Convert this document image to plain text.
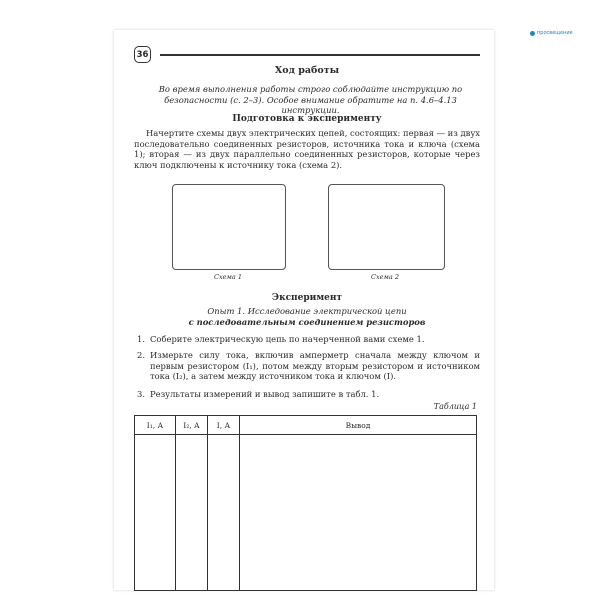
просвещение
36
Ход работы
Во время выполнения работы строго соблюдайте инструкцию по безопасности (с. 2–3). Особое внимание обратите на п. 4.6–4.13 инструкции.
Подготовка к эксперименту
Начертите схемы двух электрических цепей, состоящих: первая — из двух последовательно соединенных резисторов, источника тока и ключа (схема 1); вторая — из двух параллельно соединенных резисторов, которые через ключ подключены к источнику тока (схема 2).
Схема 1	Схема 2
Эксперимент
Опыт 1. Исследование электрической цепи
с последовательным соединением резисторов
1. Соберите электрическую цепь по начерченной вами схеме 1.
2. Измерьте силу тока, включив амперметр сначала между ключом и первым резистором (I₁), потом между вторым резистором и источником тока (I₂), а затем между источником тока и ключом (I).
3. Результаты измерений и вывод запишите в табл. 1.
Таблица 1
I₁, А	I₂, А	I, А	Вывод
